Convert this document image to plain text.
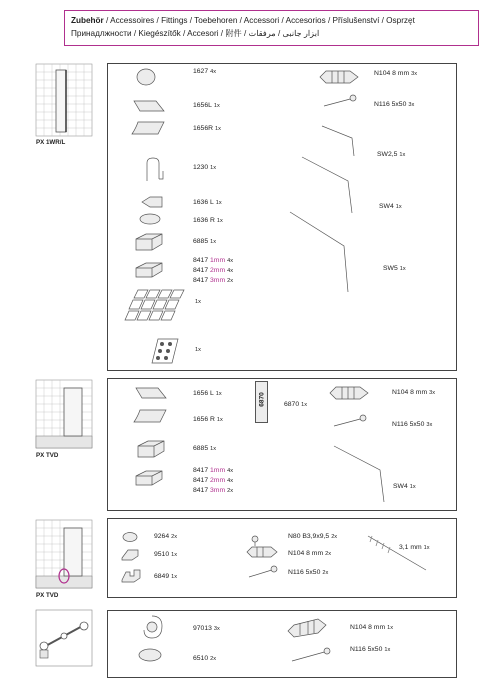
Zubehör / Accessoires / Fittings / Toebehoren / Accessori / Accesorios / Příslušenství / Osprzęt
Принадлжности / Kiegészítők / Accesori / 附件 / ابزار جانبی / مرفقات
PX 1WR/L
1627 4x
1656L 1x
1656R 1x
1230 1x
1636 L 1x
1636 R 1x
6885 1x
8417 1mm 4x
8417 2mm 4x
8417 3mm 2x
1x
1x
N104 8 mm 3x
N116 5x50 3x
SW2,5 1x
SW4 1x
SW5 1x
PX TVD
1656 L 1x
1656 R 1x
6885 1x
8417 1mm 4x
8417 2mm 4x
8417 3mm 2x
6870	6870 1x
N104 8 mm 3x
N116 5x50 3x
SW4 1x
PX TVD
9264 2x
9510 1x
6849 1x
N80 B3,9x9,5 2x
N104 8 mm 2x
N116 5x50 2x
3,1 mm 1x
97013 3x
6510 2x
N104 8 mm 1x
N116 5x50 1x
